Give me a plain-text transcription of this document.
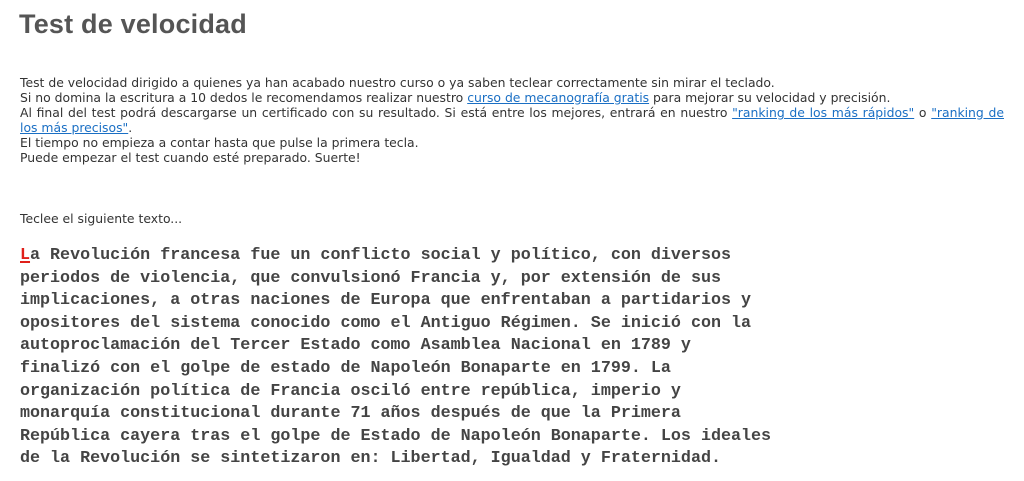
Test de velocidad

Test de velocidad dirigido a quienes ya han acabado nuestro curso o ya saben teclear correctamente sin mirar el teclado.

Si no domina la escritura a 10 dedos le recomendamos realizar nuestro curso de mecanografía gratis para mejorar su velocidad y precisión.

Al final del test podrá descargarse un certificado con su resultado. Si está entre los mejores, entrará en nuestro "ranking de los más rápidos" o "ranking de los más precisos".

El tiempo no empieza a contar hasta que pulse la primera tecla.

Puede empezar el test cuando esté preparado. Suerte!

Teclee el siguiente texto...

La Revolución francesa fue un conflicto social y político, con diversos
periodos de violencia, que convulsionó Francia y, por extensión de sus
implicaciones, a otras naciones de Europa que enfrentaban a partidarios y
opositores del sistema conocido como el Antiguo Régimen. Se inició con la
autoproclamación del Tercer Estado como Asamblea Nacional en 1789 y
finalizó con el golpe de estado de Napoleón Bonaparte en 1799. La
organización política de Francia osciló entre república, imperio y
monarquía constitucional durante 71 años después de que la Primera
República cayera tras el golpe de Estado de Napoleón Bonaparte. Los ideales
de la Revolución se sintetizaron en: Libertad, Igualdad y Fraternidad.
